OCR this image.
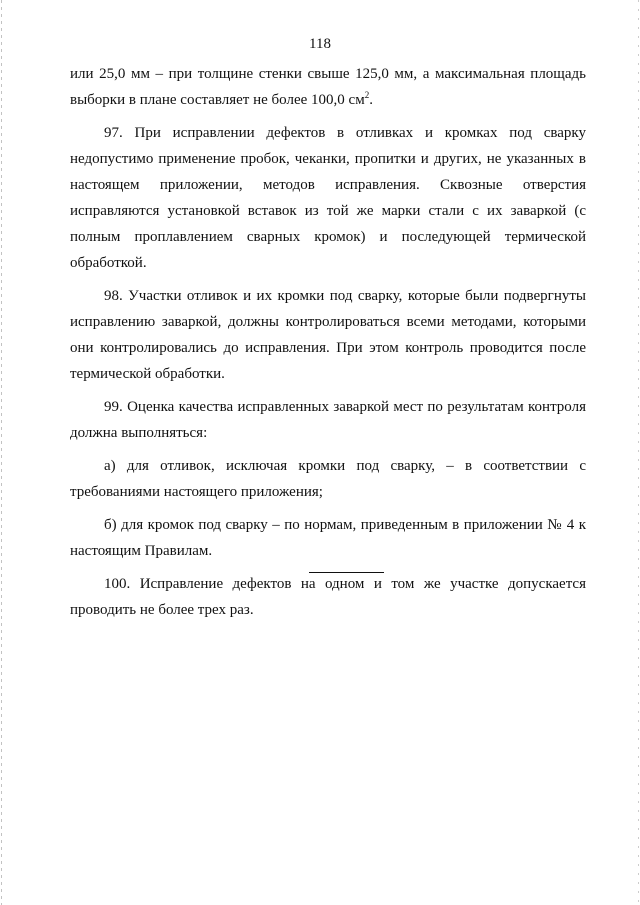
118

или 25,0 мм – при толщине стенки свыше 125,0 мм, а максимальная площадь выборки в плане составляет не более 100,0 $см^2$.

97. При исправлении дефектов в отливках и кромках под сварку недопустимо применение пробок, чеканки, пропитки и других, не указанных в настоящем приложении, методов исправления. Сквозные отверстия исправляются установкой вставок из той же марки стали с их заваркой (с полным проплавлением сварных кромок) и последующей термической обработкой.

98. Участки отливок и их кромки под сварку, которые были подвергнуты исправлению заваркой, должны контролироваться всеми методами, которыми они контролировались до исправления. При этом контроль проводится после термической обработки.

99. Оценка качества исправленных заваркой мест по результатам контроля должна выполняться:

а) для отливок, исключая кромки под сварку, – в соответствии с требованиями настоящего приложения;

б) для кромок под сварку – по нормам, приведенным в приложении № 4 к настоящим Правилам.

100. Исправление дефектов на одном и том же участке допускается проводить не более трех раз.
